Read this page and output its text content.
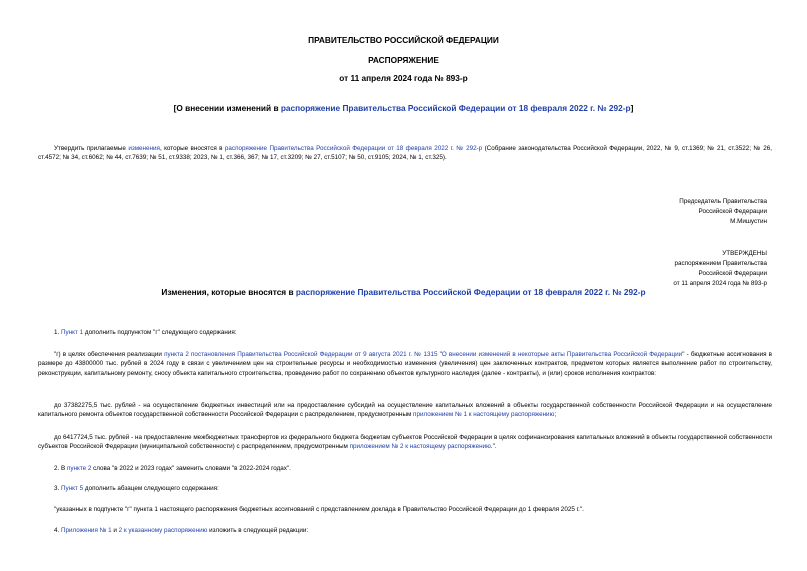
ПРАВИТЕЛЬСТВО РОССИЙСКОЙ ФЕДЕРАЦИИ
РАСПОРЯЖЕНИЕ
от 11 апреля 2024 года № 893-р
[О внесении изменений в распоряжение Правительства Российской Федерации от 18 февраля 2022 г. № 292-р]
Утвердить прилагаемые изменения, которые вносятся в распоряжение Правительства Российской Федерации от 18 февраля 2022 г. № 292-р (Собрание законодательства Российской Федерации, 2022, № 9, ст.1369; № 21, ст.3522; № 26, ст.4572; № 34, ст.6062; № 44, ст.7639; № 51, ст.9338; 2023, № 1, ст.366, 367; № 17, ст.3209; № 27, ст.5107; № 50, ст.9105; 2024, № 1, ст.325).
Председатель Правительства
Российской Федерации
М.Мишустин
УТВЕРЖДЕНЫ
распоряжением Правительства
Российской Федерации
от 11 апреля 2024 года № 893-р
Изменения, которые вносятся в распоряжение Правительства Российской Федерации от 18 февраля 2022 г. № 292-р
1. Пункт 1 дополнить подпунктом "г" следующего содержания:
"г) в целях обеспечения реализации пункта 2 постановления Правительства Российской Федерации от 9 августа 2021 г. № 1315 "О внесении изменений в некоторые акты Правительства Российской Федерации" - бюджетные ассигнования в размере до 43800000 тыс. рублей в 2024 году в связи с увеличением цен на строительные ресурсы и необходимостью изменения (увеличения) цен заключенных контрактов, предметом которых является выполнение работ по строительству, реконструкции, капитальному ремонту, сносу объекта капитального строительства, проведению работ по сохранению объектов культурного наследия (далее - контракты), и (или) сроков исполнения контрактов:
до 37382275,5 тыс. рублей - на осуществление бюджетных инвестиций или на предоставление субсидий на осуществление капитальных вложений в объекты государственной собственности Российской Федерации и на осуществление капитального ремонта объектов государственной собственности Российской Федерации с распределением, предусмотренным приложением № 1 к настоящему распоряжению;
до 6417724,5 тыс. рублей - на предоставление межбюджетных трансфертов из федерального бюджета бюджетам субъектов Российской Федерации в целях софинансирования капитальных вложений в объекты государственной собственности субъектов Российской Федерации (муниципальной собственности) с распределением, предусмотренным приложением № 2 к настоящему распоряжению.".
2. В пункте 2 слова "в 2022 и 2023 годах" заменить словами "в 2022-2024 годах".
3. Пункт 5 дополнить абзацем следующего содержания:
"указанных в подпункте "г" пункта 1 настоящего распоряжения бюджетных ассигнований с представлением доклада в Правительство Российской Федерации до 1 февраля 2025 г.".
4. Приложения № 1 и 2 к указанному распоряжению изложить в следующей редакции:
